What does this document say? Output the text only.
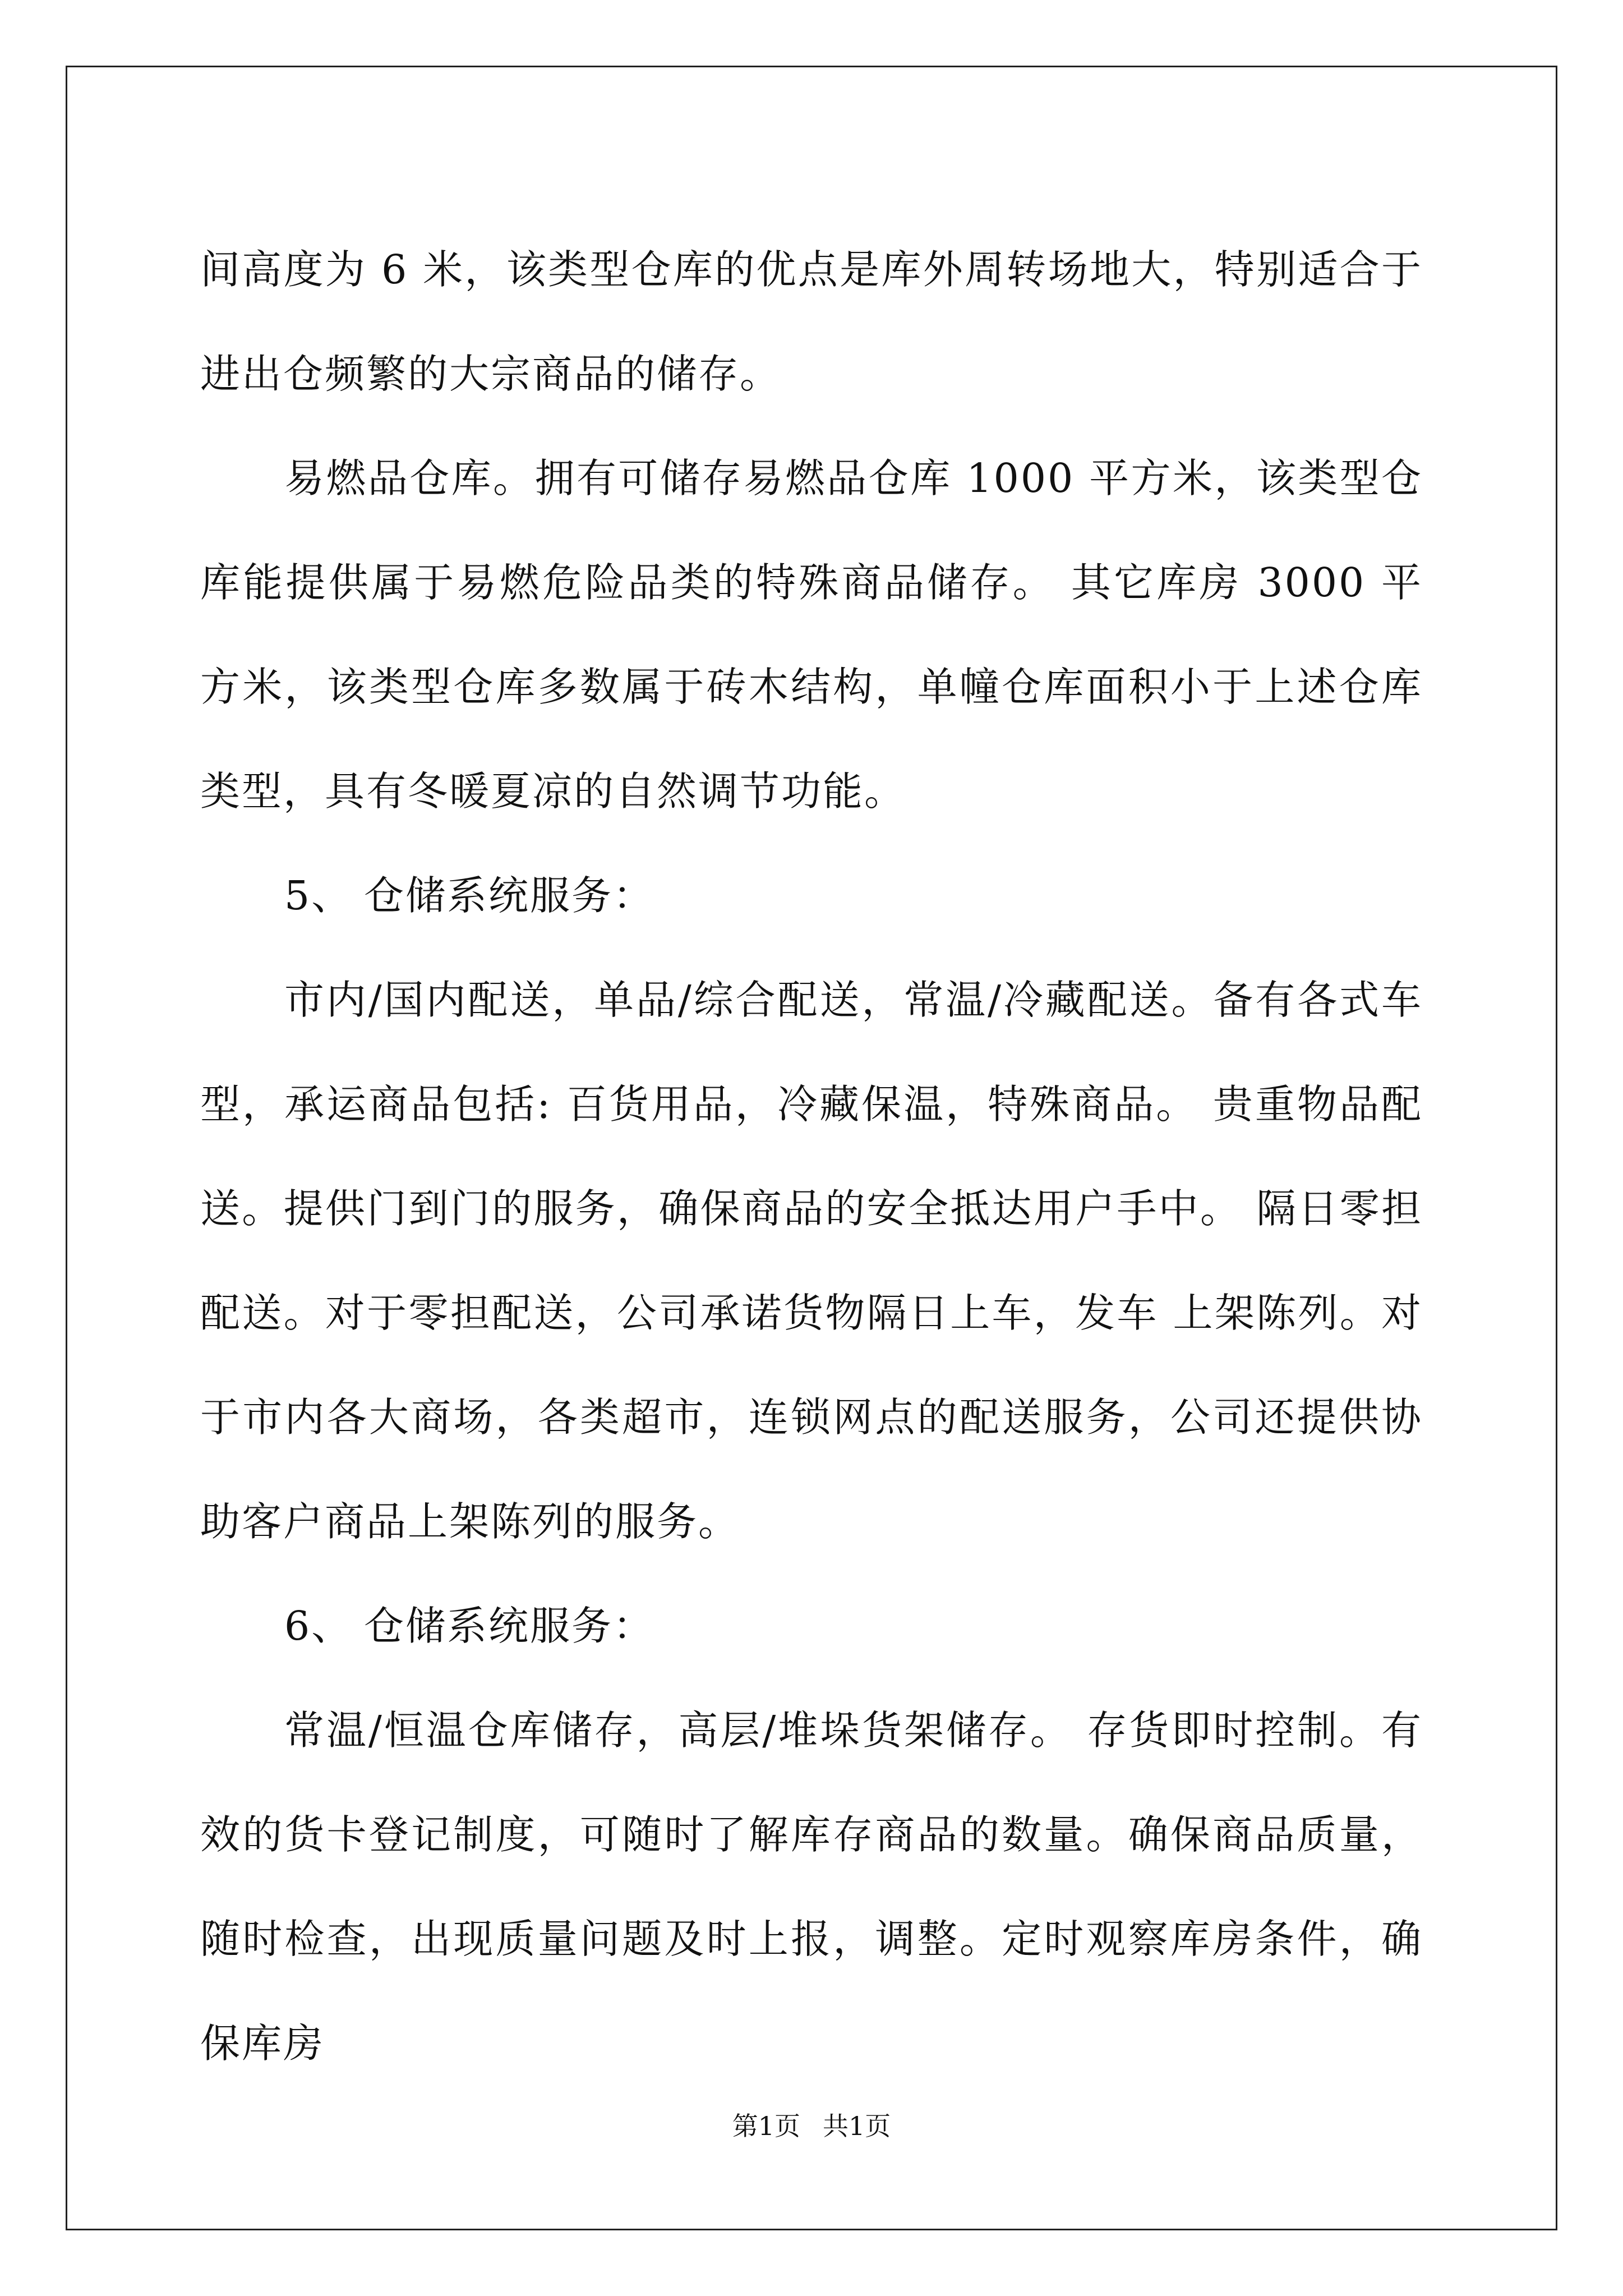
间高度为 6 米，该类型仓库的优点是库外周转场地大，特别适合于进出仓频繁的大宗商品的储存。

易燃品仓库。拥有可储存易燃品仓库 1000 平方米，该类型仓库能提供属于易燃危险品类的特殊商品储存。 其它库房 3000 平方米，该类型仓库多数属于砖木结构，单幢仓库面积小于上述仓库类型，具有冬暖夏凉的自然调节功能。

5、 仓储系统服务：

市内/国内配送，单品/综合配送，常温/冷藏配送。备有各式车型，承运商品包括: 百货用品，冷藏保温，特殊商品。 贵重物品配送。提供门到门的服务，确保商品的安全抵达用户手中。 隔日零担配送。对于零担配送，公司承诺货物隔日上车，发车 上架陈列。对于市内各大商场，各类超市，连锁网点的配送服务，公司还提供协助客户商品上架陈列的服务。

6、 仓储系统服务：

常温/恒温仓库储存，高层/堆垛货架储存。 存货即时控制。有效的货卡登记制度，可随时了解库存商品的数量。确保商品质量，随时检查，出现质量问题及时上报，调整。定时观察库房条件，确保库房

第1页 共1页
